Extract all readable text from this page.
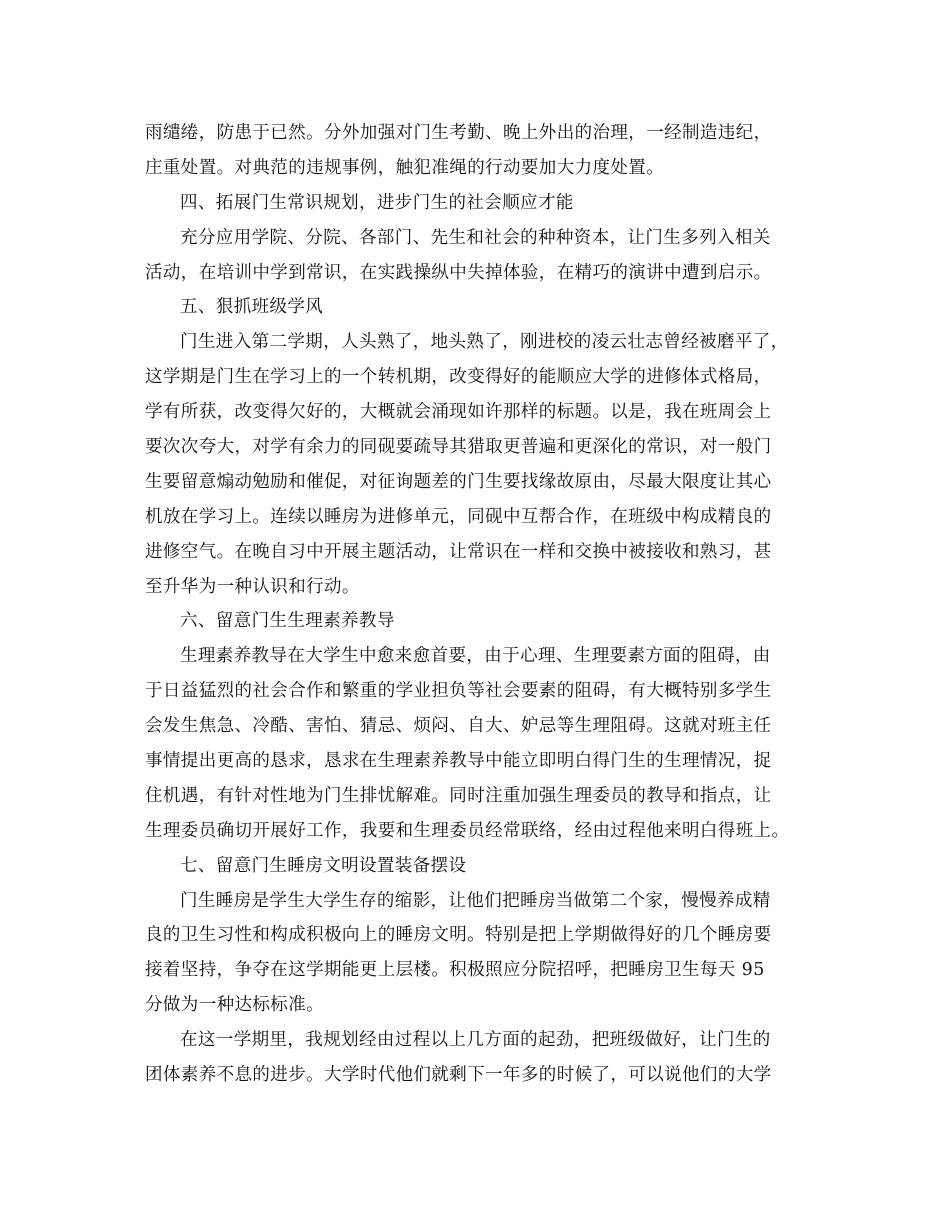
雨缱绻，防患于已然。分外加强对门生考勤、晚上外出的治理，一经制造违纪，
庄重处置。对典范的违规事例，触犯准绳的行动要加大力度处置。
四、拓展门生常识规划，进步门生的社会顺应才能
充分应用学院、分院、各部门、先生和社会的种种资本，让门生多列入相关
活动，在培训中学到常识，在实践操纵中失掉体验，在精巧的演讲中遭到启示。
五、狠抓班级学风
门生进入第二学期，人头熟了，地头熟了，刚进校的凌云壮志曾经被磨平了，
这学期是门生在学习上的一个转机期，改变得好的能顺应大学的进修体式格局，
学有所获，改变得欠好的，大概就会涌现如许那样的标题。以是，我在班周会上
要次次夸大，对学有余力的同砚要疏导其猎取更普遍和更深化的常识，对一般门
生要留意煽动勉励和催促，对征询题差的门生要找缘故原由，尽最大限度让其心
机放在学习上。连续以睡房为进修单元，同砚中互帮合作，在班级中构成精良的
进修空气。在晚自习中开展主题活动，让常识在一样和交换中被接收和熟习，甚
至升华为一种认识和行动。
六、留意门生生理素养教导
生理素养教导在大学生中愈来愈首要，由于心理、生理要素方面的阻碍，由
于日益猛烈的社会合作和繁重的学业担负等社会要素的阻碍，有大概特别多学生
会发生焦急、冷酷、害怕、猜忌、烦闷、自大、妒忌等生理阻碍。这就对班主任
事情提出更高的恳求，恳求在生理素养教导中能立即明白得门生的生理情况，捉
住机遇，有针对性地为门生排忧解难。同时注重加强生理委员的教导和指点，让
生理委员确切开展好工作，我要和生理委员经常联络，经由过程他来明白得班上。
七、留意门生睡房文明设置装备摆设
门生睡房是学生大学生存的缩影，让他们把睡房当做第二个家，慢慢养成精
良的卫生习性和构成积极向上的睡房文明。特别是把上学期做得好的几个睡房要
接着坚持，争夺在这学期能更上层楼。积极照应分院招呼，把睡房卫生每天 95
分做为一种达标标准。
在这一学期里，我规划经由过程以上几方面的起劲，把班级做好，让门生的
团体素养不息的进步。大学时代他们就剩下一年多的时候了，可以说他们的大学
